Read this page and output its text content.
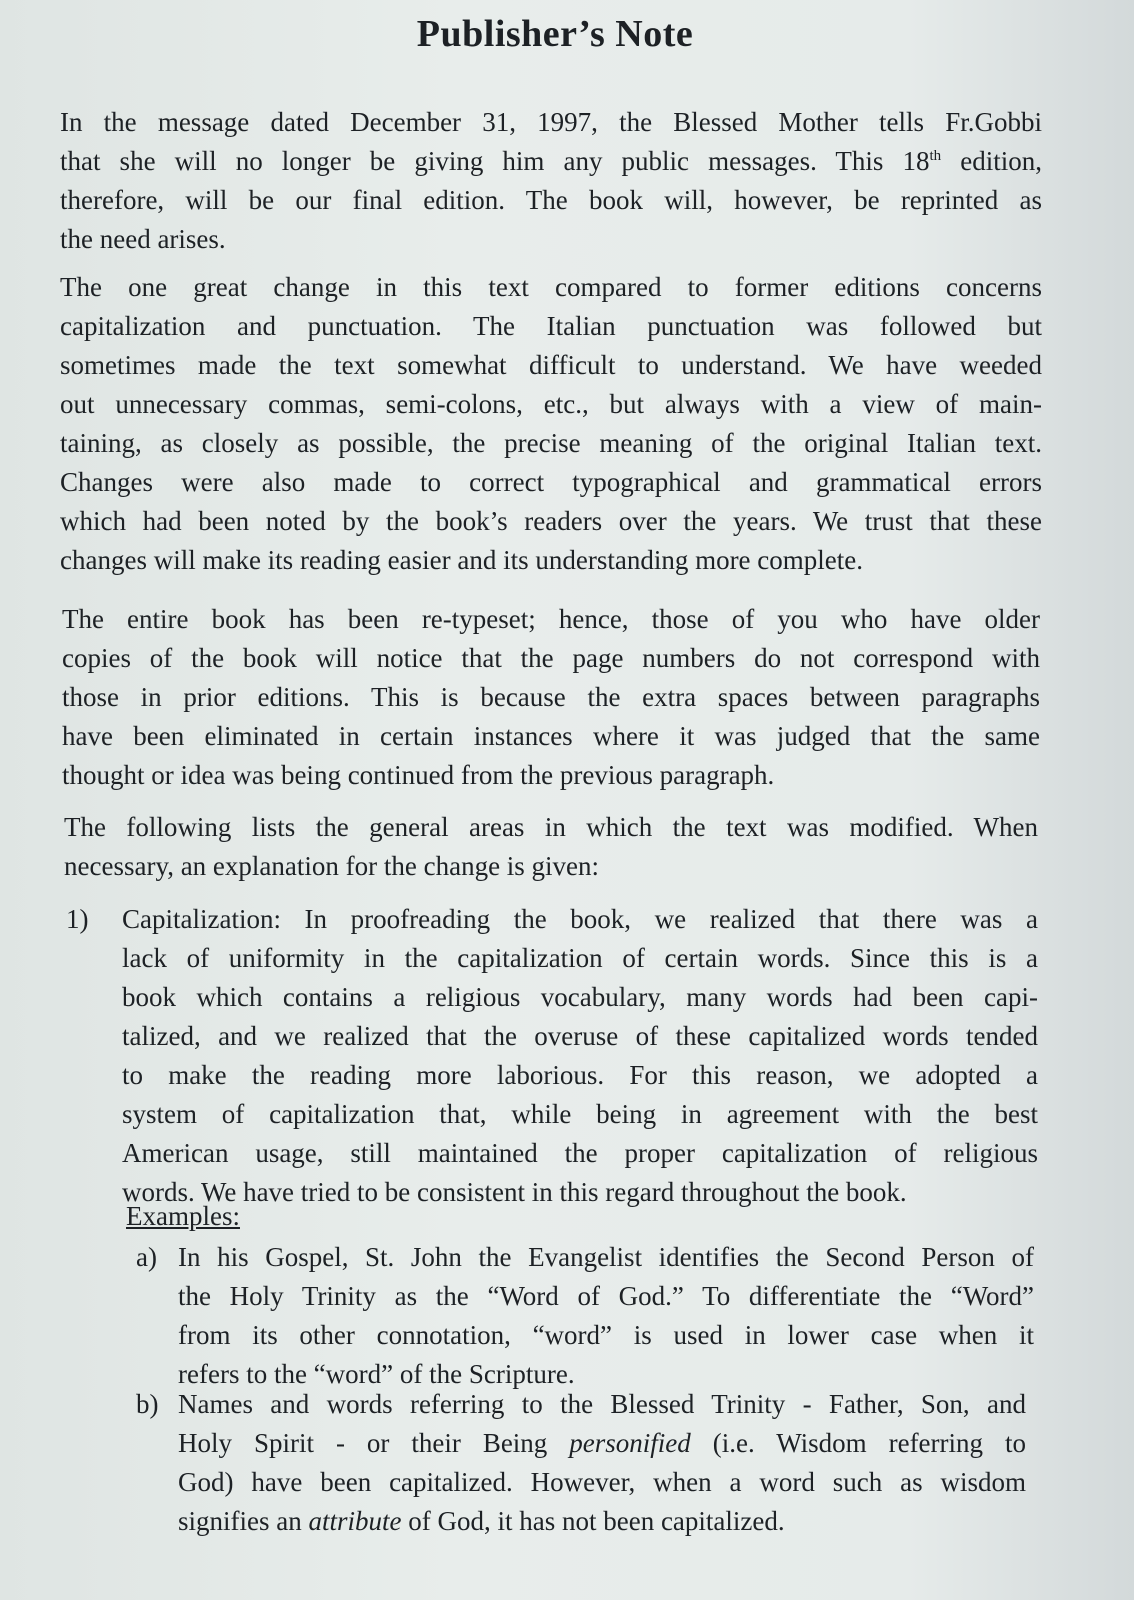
Publisher’s Note
In the message dated December 31, 1997, the Blessed Mother tells Fr.Gobbi
that she will no longer be giving him any public messages. This 18th edition,
therefore, will be our final edition. The book will, however, be reprinted as
the need arises.
The one great change in this text compared to former editions concerns
capitalization and punctuation. The Italian punctuation was followed but
sometimes made the text somewhat difficult to understand. We have weeded
out unnecessary commas, semi-colons, etc., but always with a view of main-
taining, as closely as possible, the precise meaning of the original Italian text.
Changes were also made to correct typographical and grammatical errors
which had been noted by the book’s readers over the years. We trust that these
changes will make its reading easier and its understanding more complete.
The entire book has been re-typeset; hence, those of you who have older
copies of the book will notice that the page numbers do not correspond with
those in prior editions. This is because the extra spaces between paragraphs
have been eliminated in certain instances where it was judged that the same
thought or idea was being continued from the previous paragraph.
The following lists the general areas in which the text was modified. When
necessary, an explanation for the change is given:
1) Capitalization: In proofreading the book, we realized that there was a
lack of uniformity in the capitalization of certain words. Since this is a
book which contains a religious vocabulary, many words had been capi-
talized, and we realized that the overuse of these capitalized words tended
to make the reading more laborious. For this reason, we adopted a
system of capitalization that, while being in agreement with the best
American usage, still maintained the proper capitalization of religious
words. We have tried to be consistent in this regard throughout the book.
Examples:
a) In his Gospel, St. John the Evangelist identifies the Second Person of
the Holy Trinity as the “Word of God.” To differentiate the “Word”
from its other connotation, “word” is used in lower case when it
refers to the “word” of the Scripture.
b) Names and words referring to the Blessed Trinity - Father, Son, and
Holy Spirit - or their Being personified (i.e. Wisdom referring to
God) have been capitalized. However, when a word such as wisdom
signifies an attribute of God, it has not been capitalized.
